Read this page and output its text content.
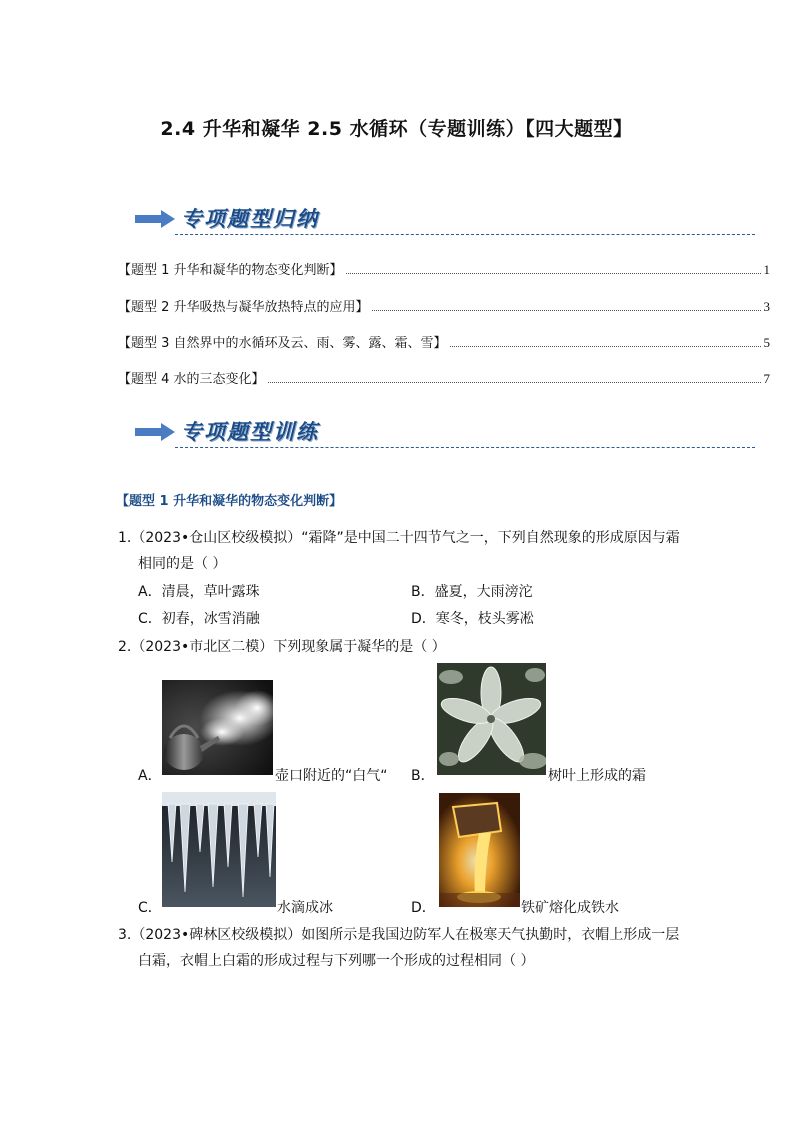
2.4 升华和凝华 2.5 水循环（专题训练）【四大题型】
专项题型归纳
【题型 1 升华和凝华的物态变化判断】	1
【题型 2 升华吸热与凝华放热特点的应用】	3
【题型 3 自然界中的水循环及云、雨、雾、露、霜、雪】	5
【题型 4 水的三态变化】	7
专项题型训练
【题型 1 升华和凝华的物态变化判断】
1.（2023•仓山区校级模拟）“霜降”是中国二十四节气之一，下列自然现象的形成原因与霜
相同的是（ ）
A．清晨，草叶露珠	B．盛夏，大雨滂沱
C．初春，冰雪消融	D．寒冬，枝头雾凇
2.（2023•市北区二模）下列现象属于凝华的是（ ）
A．	壶口附近的“白气“ B．	树叶上形成的霜
C．	水滴成冰	D．	铁矿熔化成铁水
3.（2023•碑林区校级模拟）如图所示是我国边防军人在极寒天气执勤时，衣帽上形成一层
白霜，衣帽上白霜的形成过程与下列哪一个形成的过程相同（ ）
